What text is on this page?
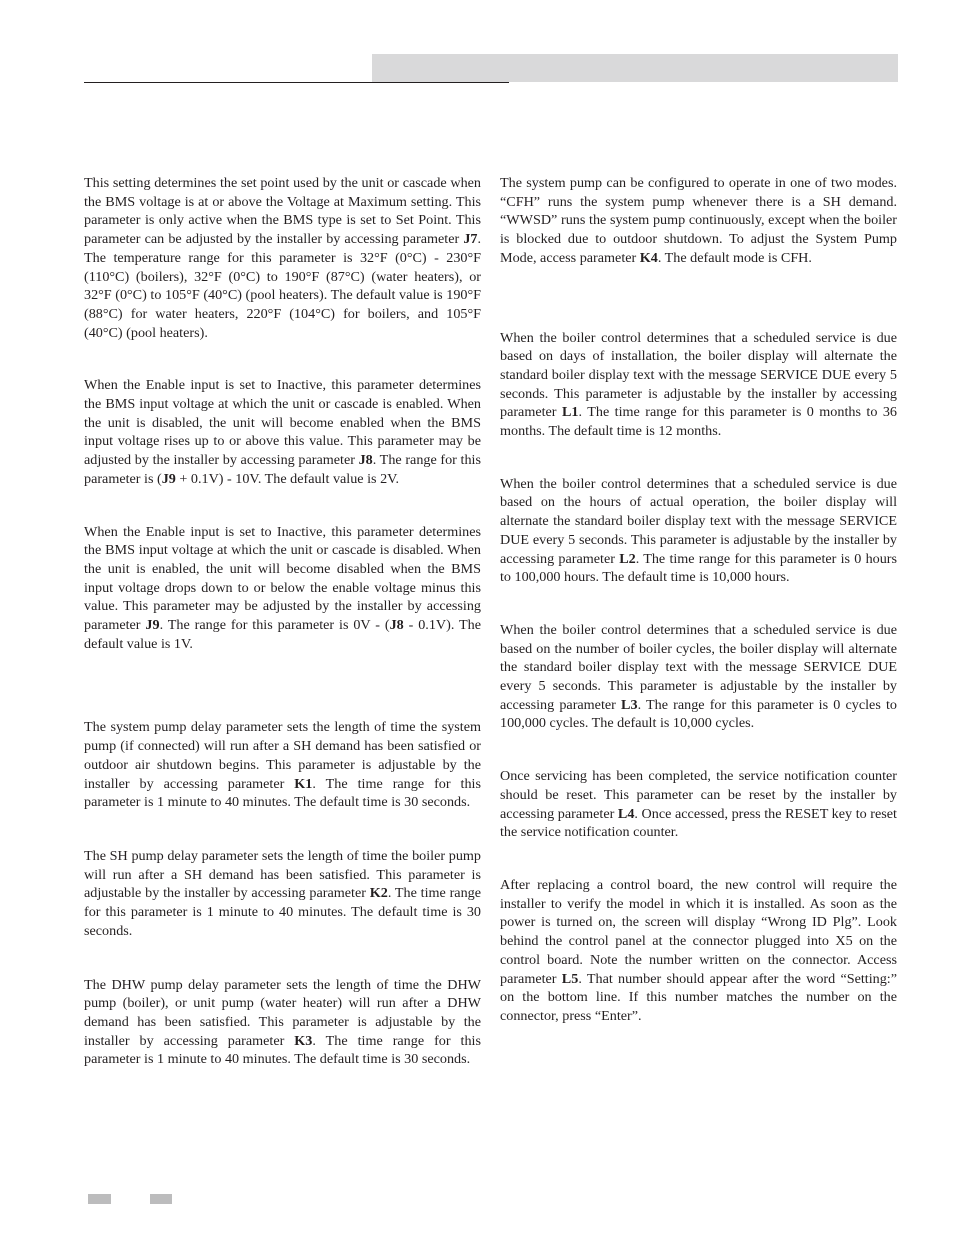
This setting determines the set point used by the unit or cascade when the BMS voltage is at or above the Voltage at Maximum setting. This parameter is only active when the BMS type is set to Set Point. This parameter can be adjusted by the installer by accessing parameter J7. The temperature range for this parameter is 32°F (0°C) - 230°F (110°C) (boilers), 32°F (0°C) to 190°F (87°C) (water heaters), or 32°F (0°C) to 105°F (40°C) (pool heaters). The default value is 190°F (88°C) for water heaters, 220°F (104°C) for boilers, and 105°F (40°C) (pool heaters).

When the Enable input is set to Inactive, this parameter determines the BMS input voltage at which the unit or cascade is enabled. When the unit is disabled, the unit will become enabled when the BMS input voltage rises up to or above this value. This parameter may be adjusted by the installer by accessing parameter J8. The range for this parameter is (J9 + 0.1V) - 10V. The default value is 2V.

When the Enable input is set to Inactive, this parameter determines the BMS input voltage at which the unit or cascade is disabled. When the unit is enabled, the unit will become disabled when the BMS input voltage drops down to or below the enable voltage minus this value. This parameter may be adjusted by the installer by accessing parameter J9. The range for this parameter is 0V - (J8 - 0.1V). The default value is 1V.

The system pump delay parameter sets the length of time the system pump (if connected) will run after a SH demand has been satisfied or outdoor air shutdown begins. This parameter is adjustable by the installer by accessing parameter K1. The time range for this parameter is 1 minute to 40 minutes. The default time is 30 seconds.

The SH pump delay parameter sets the length of time the boiler pump will run after a SH demand has been satisfied. This parameter is adjustable by the installer by accessing parameter K2. The time range for this parameter is 1 minute to 40 minutes. The default time is 30 seconds.

The DHW pump delay parameter sets the length of time the DHW pump (boiler), or unit pump (water heater) will run after a DHW demand has been satisfied. This parameter is adjustable by the installer by accessing parameter K3. The time range for this parameter is 1 minute to 40 minutes. The default time is 30 seconds.

The system pump can be configured to operate in one of two modes. “CFH” runs the system pump whenever there is a SH demand. “WWSD” runs the system pump continuously, except when the boiler is blocked due to outdoor shutdown. To adjust the System Pump Mode, access parameter K4. The default mode is CFH.

When the boiler control determines that a scheduled service is due based on days of installation, the boiler display will alternate the standard boiler display text with the message SERVICE DUE every 5 seconds. This parameter is adjustable by the installer by accessing parameter L1. The time range for this parameter is 0 months to 36 months. The default time is 12 months.

When the boiler control determines that a scheduled service is due based on the hours of actual operation, the boiler display will alternate the standard boiler display text with the message SERVICE DUE every 5 seconds. This parameter is adjustable by the installer by accessing parameter L2. The time range for this parameter is 0 hours to 100,000 hours. The default time is 10,000 hours.

When the boiler control determines that a scheduled service is due based on the number of boiler cycles, the boiler display will alternate the standard boiler display text with the message SERVICE DUE every 5 seconds. This parameter is adjustable by the installer by accessing parameter L3. The range for this parameter is 0 cycles to 100,000 cycles. The default is 10,000 cycles.

Once servicing has been completed, the service notification counter should be reset. This parameter can be reset by the installer by accessing parameter L4. Once accessed, press the RESET key to reset the service notification counter.

After replacing a control board, the new control will require the installer to verify the model in which it is installed. As soon as the power is turned on, the screen will display “Wrong ID Plg”. Look behind the control panel at the connector plugged into X5 on the control board. Note the number written on the connector. Access parameter L5. That number should appear after the word “Setting:” on the bottom line. If this number matches the number on the connector, press “Enter”.
